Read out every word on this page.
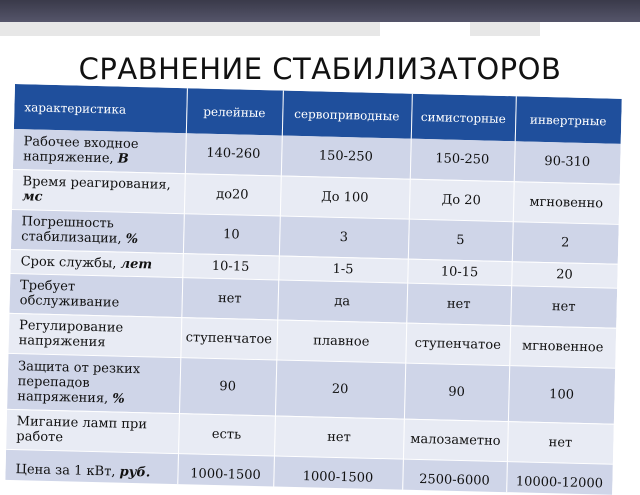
СРАВНЕНИЕ СТАБИЛИЗАТОРОВ
характеристика	релейные	сервоприводные	симисторные	инвертрные
Рабочее входное напряжение, В	140-260	150-250	150-250	90-310
Время реагирования, мс	до20	До 100	До 20	мгновенно
Погрешность стабилизации, %	10	3	5	2
Срок службы, лет	10-15	1-5	10-15	20
Требует обслуживание	нет	да	нет	нет
Регулирование напряжения	ступенчатое	плавное	ступенчатое	мгновенное
Защита от резких перепадов напряжения, %	90	20	90	100
Мигание ламп при работе	есть	нет	малозаметно	нет
Цена за 1 кВт, руб.	1000-1500	1000-1500	2500-6000	10000-12000
